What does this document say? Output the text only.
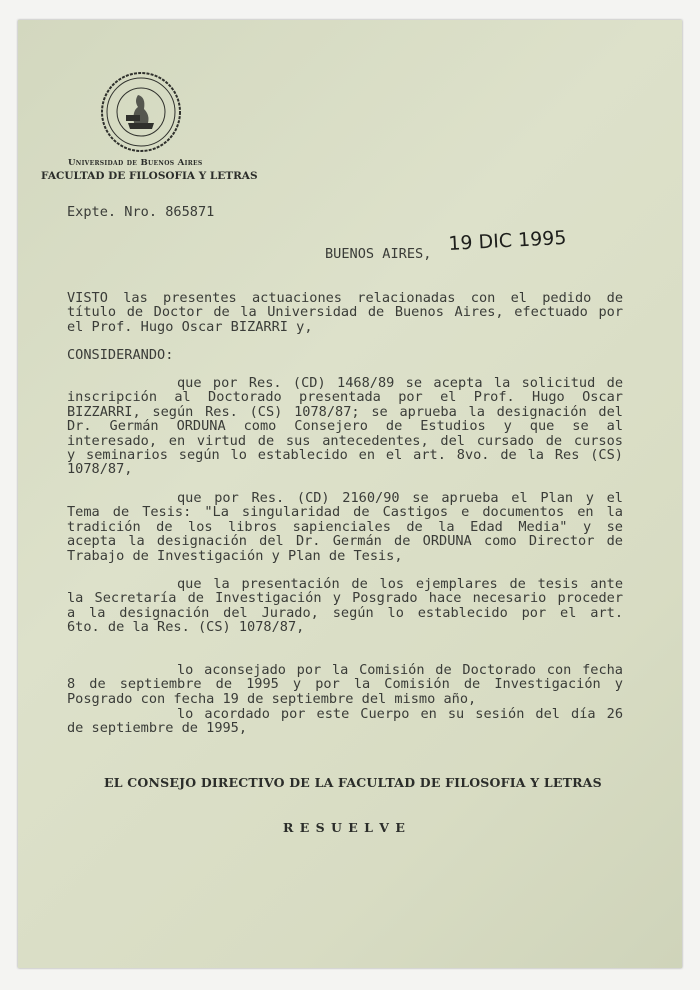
Universidad de Buenos Aires
FACULTAD DE FILOSOFIA Y LETRAS
Expte. Nro. 865871
BUENOS AIRES, 19 DIC 1995
VISTO las presentes actuaciones relacionadas con el pedido de
título de Doctor de la Universidad de Buenos Aires, efectuado por
el Prof. Hugo Oscar BIZARRI y,
CONSIDERANDO:
que por Res. (CD) 1468/89 se acepta la solicitud de
inscripción al Doctorado presentada por el Prof. Hugo Oscar
BIZZARRI, según Res. (CS) 1078/87; se aprueba la designación del
Dr. Germán ORDUNA como Consejero de Estudios y que se al
interesado, en virtud de sus antecedentes, del cursado de cursos
y seminarios según lo establecido en el art. 8vo. de la Res (CS)
1078/87,
que por Res. (CD) 2160/90 se aprueba el Plan y el
Tema de Tesis: "La singularidad de Castigos e documentos en la
tradición de los libros sapienciales de la Edad Media" y se
acepta la designación del Dr. Germán de ORDUNA como Director de
Trabajo de Investigación y Plan de Tesis,
que la presentación de los ejemplares de tesis ante
la Secretaría de Investigación y Posgrado hace necesario proceder
a la designación del Jurado, según lo establecido por el art.
6to. de la Res. (CS) 1078/87,
lo aconsejado por la Comisión de Doctorado con fecha
8 de septiembre de 1995 y por la Comisión de Investigación y
Posgrado con fecha 19 de septiembre del mismo año,
lo acordado por este Cuerpo en su sesión del día 26
de septiembre de 1995,
EL CONSEJO DIRECTIVO DE LA FACULTAD DE FILOSOFIA Y LETRAS
R E S U E L V E
